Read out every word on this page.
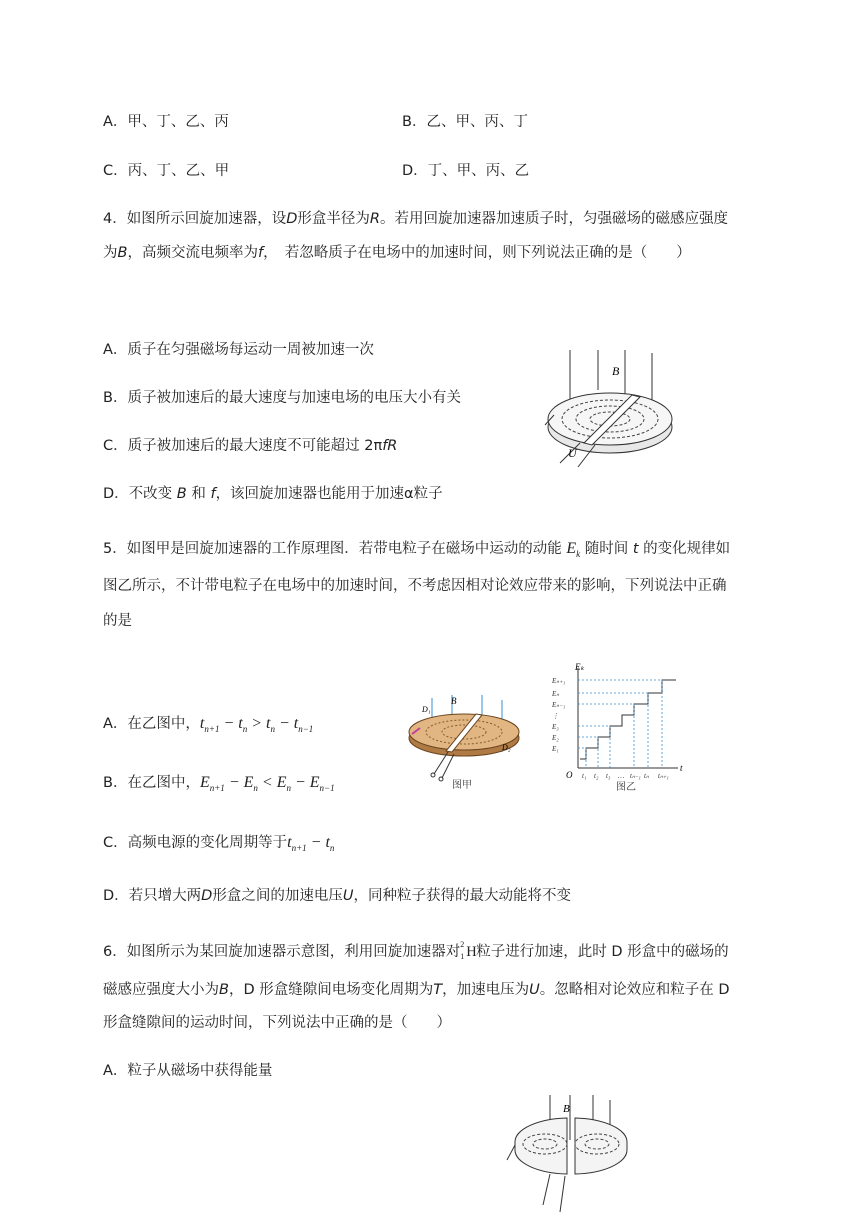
A．甲、丁、乙、丙	B．乙、甲、丙、丁
C．丙、丁、乙、甲	D．丁、甲、丙、乙
4．如图所示回旋加速器，设D形盒半径为R。若用回旋加速器加速质子时，匀强磁场的磁感应强度
为B，高频交流电频率为f，　若忽略质子在电场中的加速时间，则下列说法正确的是（　　）
A．质子在匀强磁场每运动一周被加速一次
B．质子被加速后的最大速度与加速电场的电压大小有关
C．质子被加速后的最大速度不可能超过 2πfR
D．不改变 B 和 f，该回旋加速器也能用于加速α粒子
B
U
5．如图甲是回旋加速器的工作原理图．若带电粒子在磁场中运动的动能 $E_k$ 随时间 t 的变化规律如
图乙所示，不计带电粒子在电场中的加速时间，不考虑因相对论效应带来的影响，下列说法中正确
的是
A．在乙图中，$t_{n+1} - t_n > t_n - t_{n-1}$
B．在乙图中，$E_{n+1} - E_n < E_n - E_{n-1}$
C．高频电源的变化周期等于$t_{n+1} - t_n$
D．若只增大两D形盒之间的加速电压U，同种粒子获得的最大动能将不变
B
D₁
D₂
图甲
Eₖ
O
t
E₁
E₂
E₃
⋮
Eₙ₋₁
Eₙ
Eₙ₊₁
t₁ t₂ t₃ … tₙ₋₁ tₙ tₙ₊₁
图乙
6．如图所示为某回旋加速器示意图，利用回旋加速器对 2
1 H粒子进行加速，此时 D 形盒中的磁场的
磁感应强度大小为B，D 形盒缝隙间电场变化周期为T，加速电压为U。忽略相对论效应和粒子在 D
形盒缝隙间的运动时间，下列说法中正确的是（　　）
A．粒子从磁场中获得能量
B
